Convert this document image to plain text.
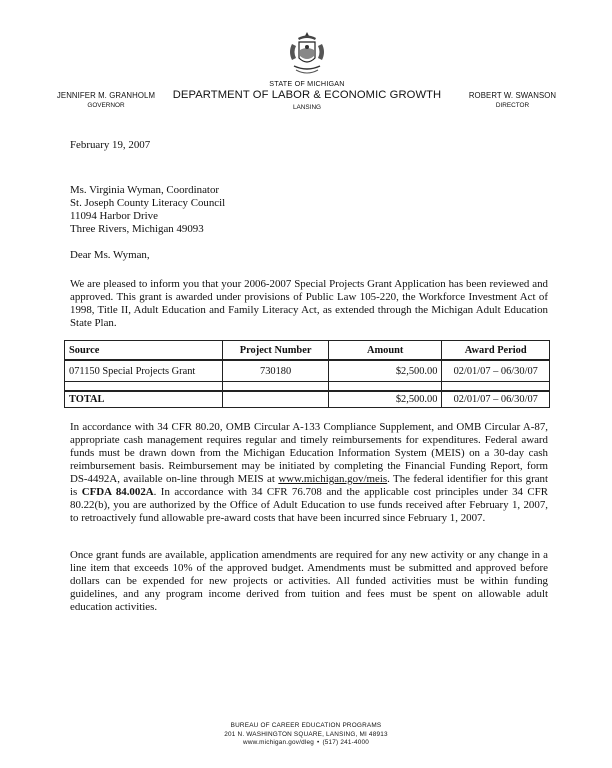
JENNIFER M. GRANHOLM
GOVERNOR
STATE OF MICHIGAN
DEPARTMENT OF LABOR & ECONOMIC GROWTH
LANSING
ROBERT W. SWANSON
DIRECTOR
February 19, 2007
Ms. Virginia Wyman, Coordinator
St. Joseph County Literacy Council
11094 Harbor Drive
Three Rivers, Michigan 49093
Dear Ms. Wyman,
We are pleased to inform you that your 2006-2007 Special Projects Grant Application has been reviewed and approved. This grant is awarded under provisions of Public Law 105-220, the Workforce Investment Act of 1998, Title II, Adult Education and Family Literacy Act, as extended through the Michigan Adult Education State Plan.
Source	Project Number	Amount	Award Period
071150 Special Projects Grant	730180	$2,500.00	02/01/07 – 06/30/07

TOTAL		$2,500.00	02/01/07 – 06/30/07
In accordance with 34 CFR 80.20, OMB Circular A-133 Compliance Supplement, and OMB Circular A-87, appropriate cash management requires regular and timely reimbursements for expenditures. Federal award funds must be drawn down from the Michigan Education Information System (MEIS) on a 30-day cash reimbursement basis. Reimbursement may be initiated by completing the Financial Funding Report, form DS-4492A, available on-line through MEIS at www.michigan.gov/meis. The federal identifier for this grant is CFDA 84.002A. In accordance with 34 CFR 76.708 and the applicable cost principles under 34 CFR 80.22(b), you are authorized by the Office of Adult Education to use funds received after February 1, 2007, to retroactively fund allowable pre-award costs that have been incurred since February 1, 2007.
Once grant funds are available, application amendments are required for any new activity or any change in a line item that exceeds 10% of the approved budget. Amendments must be submitted and approved before dollars can be expended for new projects or activities. All funded activities must be within funding guidelines, and any program income derived from tuition and fees must be spent on allowable adult education activities.
BUREAU OF CAREER EDUCATION PROGRAMS
201 N. WASHINGTON SQUARE, LANSING, MI 48913
www.michigan.gov/dleg • (517) 241-4000
